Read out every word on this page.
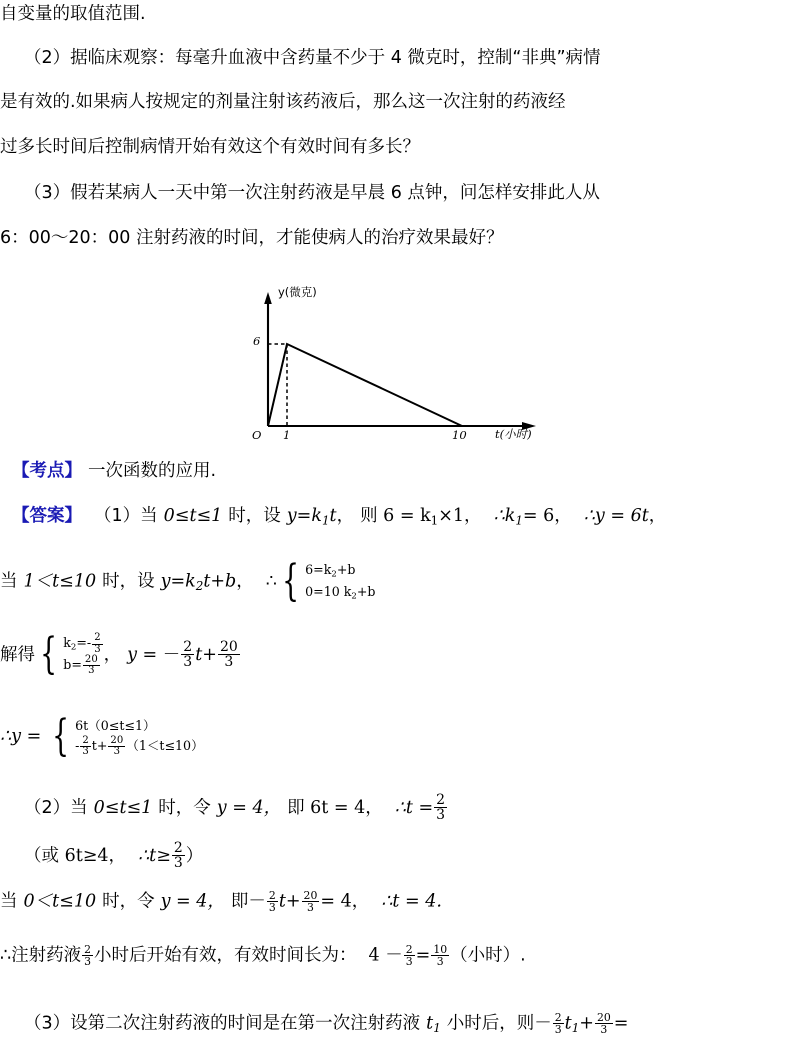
自变量的取值范围.
（2）据临床观察：每毫升血液中含药量不少于 4 微克时，控制“非典”病情
是有效的.如果病人按规定的剂量注射该药液后，那么这一次注射的药液经
过多长时间后控制病情开始有效这个有效时间有多长？
（3）假若某病人一天中第一次注射药液是早晨 6 点钟，问怎样安排此人从
6：00～20：00 注射药液的时间，才能使病人的治疗效果最好？
y(微克)
t(小时)
6
O 1	10
【考点】 一次函数的应用.
【答案】 （1）当 0≤t≤1 时，设 $y=k_1t$， 则 $6 = k_1\times 1$， $\therefore k_1= 6$， ∴y = 6t，
当 1＜t≤10 时，设 $y=k_2t+b$， ∴ { $6=k_2+b$
0=10 $k_2+b$
解得 { $k_2=- \frac{2}{3}$
$b= \frac{20}{3}$
， y = － $\frac{2}{3} t+ \frac{20}{3}$
∴y = { 6t（0≤t≤1）
- $\frac{2}{3} t+ \frac{20}{3} (1<t\le 10)$
（2）当 0≤t≤1 时，令 y = 4， 即 6t = 4， ∴t = $\frac{2}{3}$
（或 6t≥4， ∴t≥ $\frac{2}{3}$ ）
当 0＜t≤10 时，令 y = 4， 即－ $\frac{2}{3} t+ \frac{20}{3} = 4$， ∴t = 4.
∴注射药液 $\frac{2}{3}$ 小时后开始有效，有效时间长为： $4 - \frac{2}{3} = \frac{10}{3}$ （小时）.
（3）设第二次注射药液的时间是在第一次注射药液 $t_1$ 小时后，则－ $\frac{2}{3} t_1+ \frac{20}{3}$ =
